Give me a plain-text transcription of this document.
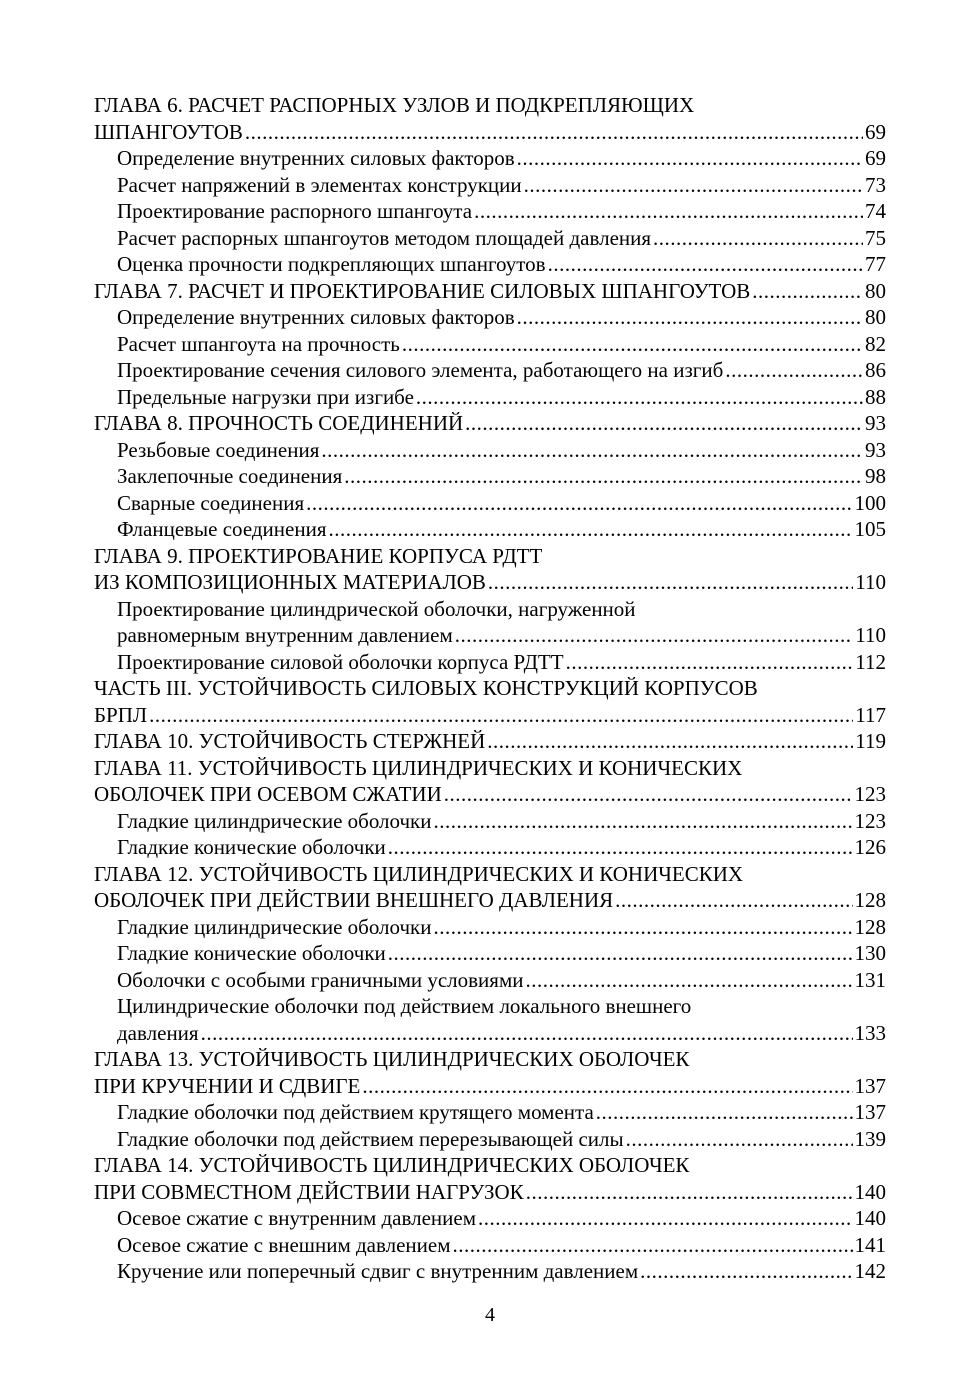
ГЛАВА 6. РАСЧЕТ РАСПОРНЫХ УЗЛОВ И ПОДКРЕПЛЯЮЩИХ
ШПАНГОУТОВ .....	69
Определение внутренних силовых факторов .....	69
Расчет напряжений в элементах конструкции .....	73
Проектирование распорного шпангоута .....	74
Расчет распорных шпангоутов методом площадей давления .....	75
Оценка прочности подкрепляющих шпангоутов .....	77
ГЛАВА 7. РАСЧЕТ И ПРОЕКТИРОВАНИЕ СИЛОВЫХ ШПАНГОУТОВ .....	80
Определение внутренних силовых факторов .....	80
Расчет шпангоута на прочность .....	82
Проектирование сечения силового элемента, работающего на изгиб .....	86
Предельные нагрузки при изгибе .....	88
ГЛАВА 8. ПРОЧНОСТЬ СОЕДИНЕНИЙ .....	93
Резьбовые соединения .....	93
Заклепочные соединения .....	98
Сварные соединения .....	100
Фланцевые соединения .....	105
ГЛАВА 9. ПРОЕКТИРОВАНИЕ КОРПУСА РДТТ
ИЗ КОМПОЗИЦИОННЫХ МАТЕРИАЛОВ .....	110
Проектирование цилиндрической оболочки, нагруженной
равномерным внутренним давлением .....	110
Проектирование силовой оболочки корпуса РДТТ .....	112
ЧАСТЬ III. УСТОЙЧИВОСТЬ СИЛОВЫХ КОНСТРУКЦИЙ КОРПУСОВ
БРПЛ .....	117
ГЛАВА 10. УСТОЙЧИВОСТЬ СТЕРЖНЕЙ .....	119
ГЛАВА 11. УСТОЙЧИВОСТЬ ЦИЛИНДРИЧЕСКИХ И КОНИЧЕСКИХ
ОБОЛОЧЕК ПРИ ОСЕВОМ СЖАТИИ .....	123
Гладкие цилиндрические оболочки .....	123
Гладкие конические оболочки .....	126
ГЛАВА 12. УСТОЙЧИВОСТЬ ЦИЛИНДРИЧЕСКИХ И КОНИЧЕСКИХ
ОБОЛОЧЕК ПРИ ДЕЙСТВИИ ВНЕШНЕГО ДАВЛЕНИЯ .....	128
Гладкие цилиндрические оболочки .....	128
Гладкие конические оболочки .....	130
Оболочки с особыми граничными условиями .....	131
Цилиндрические оболочки под действием локального внешнего
давления .....	133
ГЛАВА 13. УСТОЙЧИВОСТЬ ЦИЛИНДРИЧЕСКИХ ОБОЛОЧЕК
ПРИ КРУЧЕНИИ И СДВИГЕ .....	137
Гладкие оболочки под действием крутящего момента .....	137
Гладкие оболочки под действием перерезывающей силы .....	139
ГЛАВА 14. УСТОЙЧИВОСТЬ ЦИЛИНДРИЧЕСКИХ ОБОЛОЧЕК
ПРИ СОВМЕСТНОМ ДЕЙСТВИИ НАГРУЗОК .....	140
Осевое сжатие с внутренним давлением .....	140
Осевое сжатие с внешним давлением .....	141
Кручение или поперечный сдвиг с внутренним давлением .....	142
4
